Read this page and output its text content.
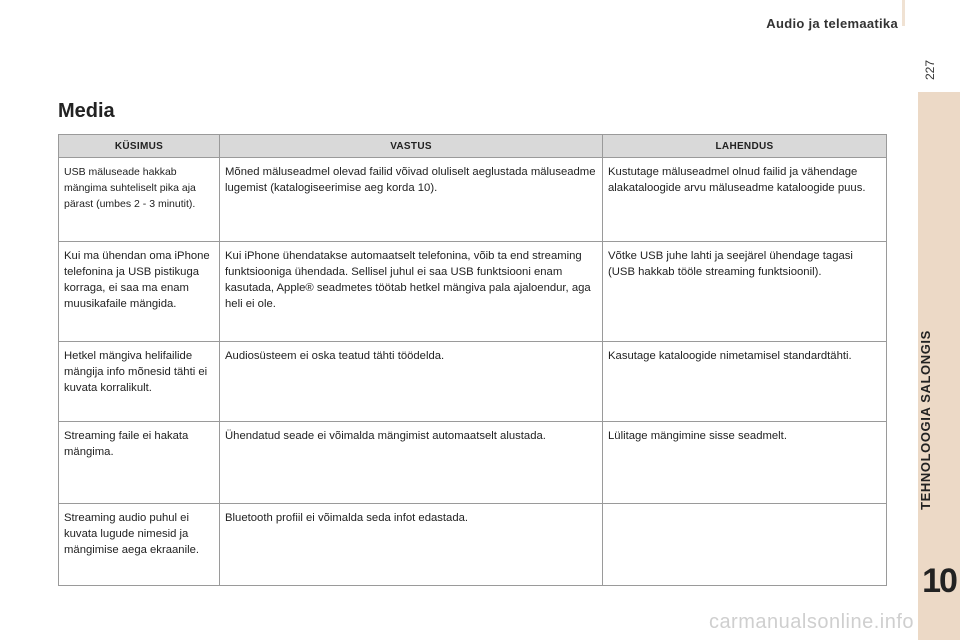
Audio ja telemaatika
227
TEHNOLOOGIA SALONGIS
10
Media
KÜSIMUS	VASTUS	LAHENDUS
USB mäluseade hakkab mängima suhteliselt pika aja pärast (umbes 2 - 3 minutit).	Mõned mäluseadmel olevad failid võivad oluliselt aeglustada mäluseadme lugemist (katalogiseerimise aeg korda 10).	Kustutage mäluseadmel olnud failid ja vähendage alakataloogide arvu mäluseadme kataloogide puus.
Kui ma ühendan oma iPhone telefonina ja USB pistikuga korraga, ei saa ma enam muusikafaile mängida.	Kui iPhone ühendatakse automaatselt telefonina, võib ta end streaming funktsiooniga ühendada. Sellisel juhul ei saa USB funktsiooni enam kasutada, Apple® seadmetes töötab hetkel mängiva pala ajaloendur, aga heli ei ole.	Võtke USB juhe lahti ja seejärel ühendage tagasi (USB hakkab tööle streaming funktsioonil).
Hetkel mängiva helifailide mängija info mõnesid tähti ei kuvata korralikult.	Audiosüsteem ei oska teatud tähti töödelda.	Kasutage kataloogide nimetamisel standardtähti.
Streaming faile ei hakata mängima.	Ühendatud seade ei võimalda mängimist automaatselt alustada.	Lülitage mängimine sisse seadmelt.
Streaming audio puhul ei kuvata lugude nimesid ja mängimise aega ekraanile.	Bluetooth profiil ei võimalda seda infot edastada.	
carmanualsonline.info
